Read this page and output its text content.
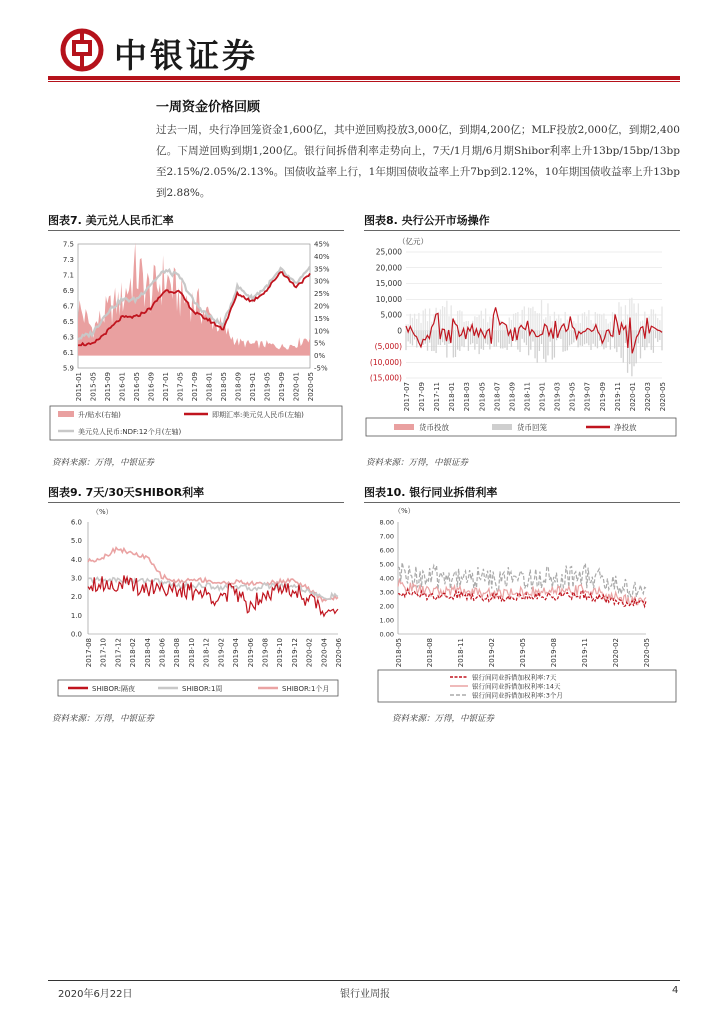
中银证券
一周资金价格回顾
过去一周，央行净回笼资金1,600亿，其中逆回购投放3,000亿，到期4,200亿；MLF投放2,000亿，到期2,400亿。下周逆回购到期1,200亿。银行间拆借利率走势向上，7天/1月期/6月期Shibor利率上升13bp/15bp/13bp至2.15%/2.05%/2.13%。国债收益率上行，1年期国债收益率上升7bp到2.12%，10年期国债收益率上升13bp到2.88%。
图表7. 美元兑人民币汇率
7.5
7.3
7.1
6.9
6.7
6.5
6.3
6.1
5.9
45%
40%
35%
30%
25%
20%
15%
10%
5%
0%
-5%
2015-01 2015-05 2015-09 2016-01 2016-05 2016-09 2017-01 2017-05 2017-09 2018-01 2018-05 2018-09 2019-01 2019-05 2019-09 2020-01 2020-05
升/贴水(右轴)	即期汇率:美元兑人民币(左轴)
美元兑人民币:NDF:12个月(左轴)
资料来源：万得，中银证券
图表8. 央行公开市场操作
（亿元）
25,000
20,000
15,000
10,000
5,000
0
(5,000)
(10,000)
(15,000)
2017-07 2017-09 2017-11 2018-01 2018-03 2018-05 2018-07 2018-09 2018-11 2019-01 2019-03 2019-05 2019-07 2019-09 2019-11 2020-01 2020-03 2020-05
货币投放	货币回笼	净投放
资料来源：万得，中银证券
图表9. 7天/30天SHIBOR利率
（%）
6.0
5.0
4.0
3.0
2.0
1.0
0.0
2017-08 2017-10 2017-12 2018-02 2018-04 2018-06 2018-08 2018-10 2018-12 2019-02 2019-04 2019-06 2019-08 2019-10 2019-12 2020-02 2020-04 2020-06
SHIBOR:隔夜	SHIBOR:1周	SHIBOR:1个月
资料来源：万得，中银证券
图表10. 银行同业拆借利率
（%）
8.00
7.00
6.00
5.00
4.00
3.00
2.00
1.00
0.00
2018-05	2018-08	2018-11	2019-02	2019-05	2019-08	2019-11	2020-02	2020-05
银行间同业拆借加权利率:7天
银行间同业拆借加权利率:14天
银行间同业拆借加权利率:3个月
资料来源：万得，中银证券
2020年6月22日	银行业周报	4
